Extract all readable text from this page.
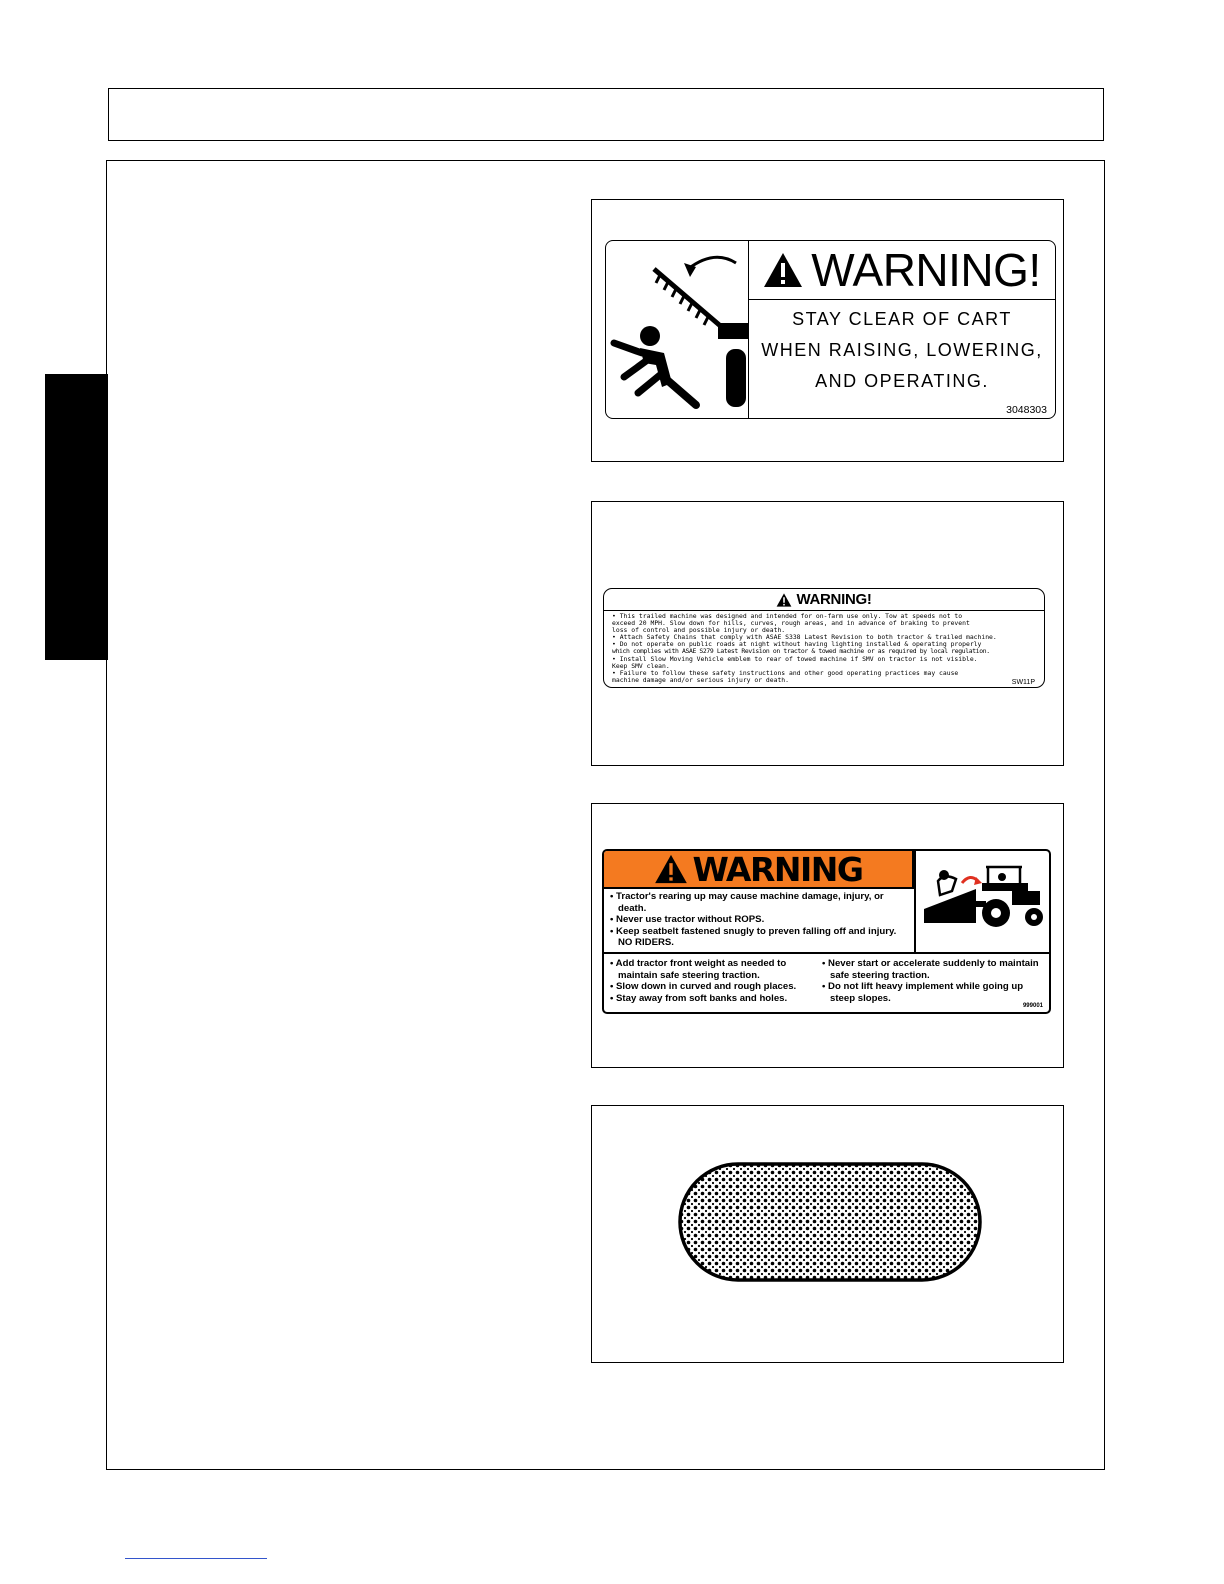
WARNING!
STAY CLEAR OF CART
WHEN RAISING, LOWERING,
AND OPERATING.
3048303
WARNING!
• This trailed machine was designed and intended for on-farm use only. Tow at speeds not to
exceed 20 MPH. Slow down for hills, curves, rough areas, and in advance of braking to prevent
loss of control and possible injury or death.
• Attach Safety Chains that comply with ASAE S338 Latest Revision to both tractor & trailed machine.
• Do not operate on public roads at night without having lighting installed & operating properly
which complies with ASAE S279 Latest Revision on tractor & towed machine or as required by local regulation.
• Install Slow Moving Vehicle emblem to rear of towed machine if SMV on tractor is not visible.
Keep SMV clean.
• Failure to follow these safety instructions and other good operating practices may cause
machine damage and/or serious injury or death.	SW11P
WARNING
• Tractor's rearing up may cause machine damage, injury, or death.
• Never use tractor without ROPS.
• Keep seatbelt fastened snugly to preven falling off and injury. NO RIDERS.
• Add tractor front weight as needed to maintain safe steering traction.
• Slow down in curved and rough places.
• Stay away from soft banks and holes.
• Never start or accelerate suddenly to maintain safe steering traction.
• Do not lift heavy implement while going up steep slopes.
999001
